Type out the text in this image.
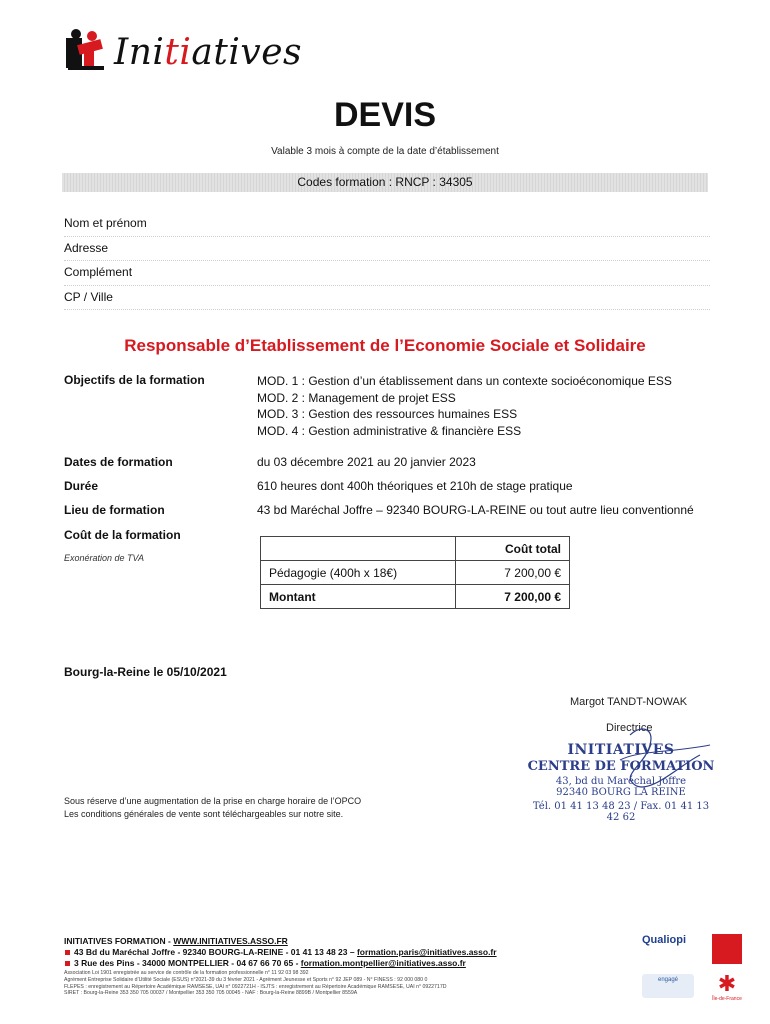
Initiatives
DEVIS
Valable 3 mois à compte de la date d’établissement
Codes formation : RNCP : 34305
Nom et prénom
Adresse
Complément
CP / Ville
Responsable d’Etablissement de l’Economie Sociale et Solidaire
Objectifs de la formation	MOD. 1 : Gestion d’un établissement dans un contexte socioéconomique ESS
MOD. 2 : Management de projet ESS
MOD. 3 : Gestion des ressources humaines ESS
MOD. 4 : Gestion administrative & financière ESS
Dates de formation	du 03 décembre 2021 au 20 janvier 2023
Durée	610 heures dont 400h théoriques et 210h de stage pratique
Lieu de formation	43 bd Maréchal Joffre – 92340 BOURG-LA-REINE ou tout autre lieu conventionné
Coût de la formation
Exonération de TVA
	Coût total
Pédagogie (400h x 18€)	7 200,00 €
Montant	7 200,00 €
Bourg-la-Reine le 05/10/2021
Margot TANDT-NOWAK
Directrice
INITIATIVES
CENTRE DE FORMATION
43, bd du Maréchal Joffre
92340 BOURG LA REINE
Tél. 01 41 13 48 23 / Fax. 01 41 13 42 62
Sous réserve d’une augmentation de la prise en charge horaire de l’OPCO
Les conditions générales de vente sont téléchargeables sur notre site.
INITIATIVES FORMATION - WWW.INITIATIVES.ASSO.FR
43 Bd du Maréchal Joffre - 92340 BOURG-LA-REINE - 01 41 13 48 23 – formation.paris@initiatives.asso.fr
3 Rue des Pins - 34000 MONTPELLIER - 04 67 66 70 65 - formation.montpellier@initiatives.asso.fr
Association Loi 1901 enregistrée au service de contrôle de la formation professionnelle n° 11 92 03 98 392
Agrément Entreprise Solidaire d’Utilité Sociale (ESUS) n°2021-39 du 3 février 2021 - Agrément Jeunesse et Sports n° 92 JEP 089 - N° FINESS : 92 000 080 0
FLEPES : enregistrement au Répertoire Académique RAMSESE, UAI n° 0922721H - ISJTS : enregistrement au Répertoire Académique RAMSESE, UAI n° 0922717D
SIRET : Bourg-la-Reine 353 350 705 00037 / Montpellier 353 350 705 00045 - NAF : Bourg-la-Reine 8899B / Montpellier 8559A
Qualiopi

engagé	✱
Île-de-France
